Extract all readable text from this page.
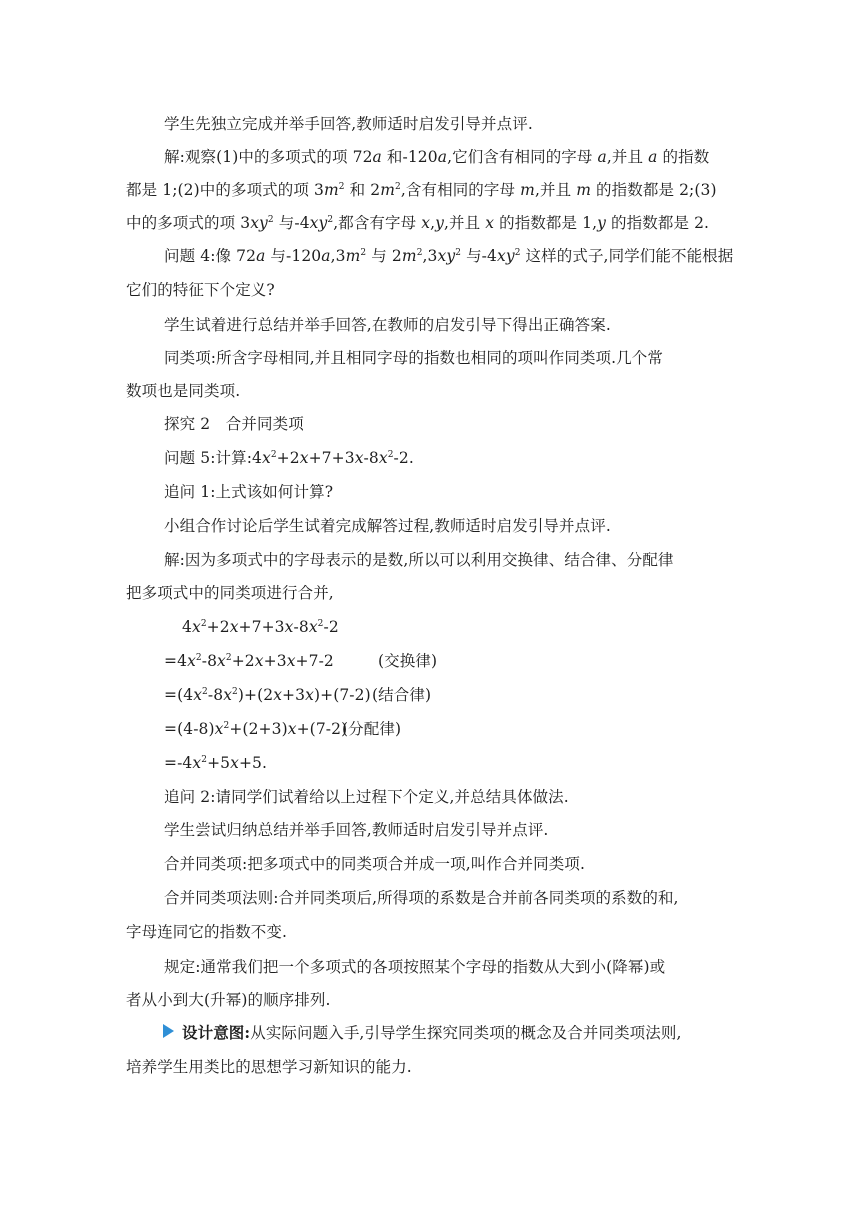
学生先独立完成并举手回答,教师适时启发引导并点评.
解:观察(1)中的多项式的项 72a 和-120a,它们含有相同的字母 a,并且 a 的指数
都是 1;(2)中的多项式的项 $3m^2$ 和 $2m^2$,含有相同的字母 m,并且 m 的指数都是 2;(3)
中的多项式的项 $3xy^2$ 与$-4xy^2$,都含有字母 x,y,并且 x 的指数都是 1,y 的指数都是 2.
问题 4:像 72a 与$-120a,3m^2$ 与 $2m^2,3xy^2$ 与$-4xy^2$ 这样的式子,同学们能不能根据
它们的特征下个定义?
学生试着进行总结并举手回答,在教师的启发引导下得出正确答案.
同类项:所含字母相同,并且相同字母的指数也相同的项叫作同类项.几个常
数项也是同类项.
探究 2　合并同类项
问题 5:计算$:4x^2+2x+7+3x-8x^2-2$.
追问 1:上式该如何计算?
小组合作讨论后学生试着完成解答过程,教师适时启发引导并点评.
解:因为多项式中的字母表示的是数,所以可以利用交换律、结合律、分配律
把多项式中的同类项进行合并,
$4x^2+2x+7+3x-8x^2-2$
$=4x^2-8x^2+2x+3x+7-2$	(交换律)
$=(4x^2-8x^2)+(2x+3x)+(7-2)$ (结合律)
$=(4-8)x^2+(2+3)x+(7-2)$
(分配律)
$=-4x^2+5x+5$.
追问 2:请同学们试着给以上过程下个定义,并总结具体做法.
学生尝试归纳总结并举手回答,教师适时启发引导并点评.
合并同类项:把多项式中的同类项合并成一项,叫作合并同类项.
合并同类项法则:合并同类项后,所得项的系数是合并前各同类项的系数的和,
字母连同它的指数不变.
规定:通常我们把一个多项式的各项按照某个字母的指数从大到小(降幂)或
者从小到大(升幂)的顺序排列.
设计意图:从实际问题入手,引导学生探究同类项的概念及合并同类项法则,
培养学生用类比的思想学习新知识的能力.
